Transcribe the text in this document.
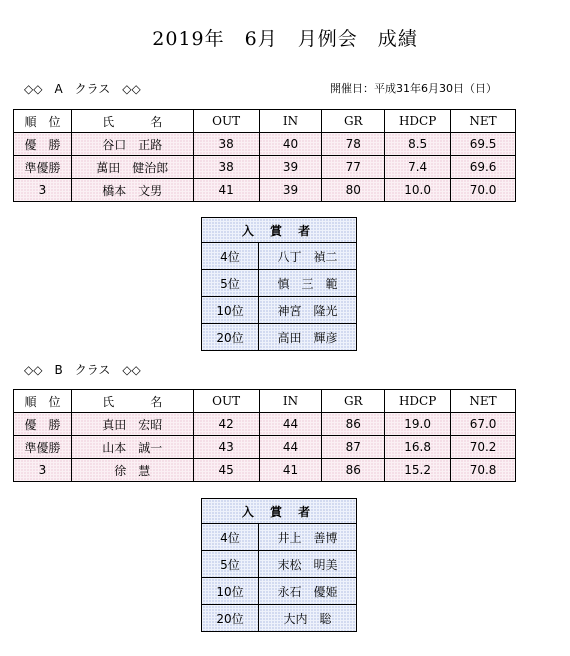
2019年　6月　月例会　成績
◇◇　A　クラス　◇◇	開催日：平成31年6月30日（日）
順　位	氏　　　名	OUT	IN	GR	HDCP	NET
優　勝	谷口　正路	38	40	78	8.5	69.5
準優勝	萬田　健治郎	38	39	77	7.4	69.6
3	橋本　文男	41	39	80	10.0	70.0
入 賞 者	
4位	八丁　禎二
5位	慎　三　範
10位	神宮　隆光
20位	高田　輝彦
◇◇　B　クラス　◇◇
順　位	氏　　　名	OUT	IN	GR	HDCP	NET
優　勝	真田　宏昭	42	44	86	19.0	67.0
準優勝	山本　誠一	43	44	87	16.8	70.2
3	徐　慧	45	41	86	15.2	70.8
入 賞 者	
4位	井上　善博
5位	末松　明美
10位	永石　優姫
20位	大内　聡
